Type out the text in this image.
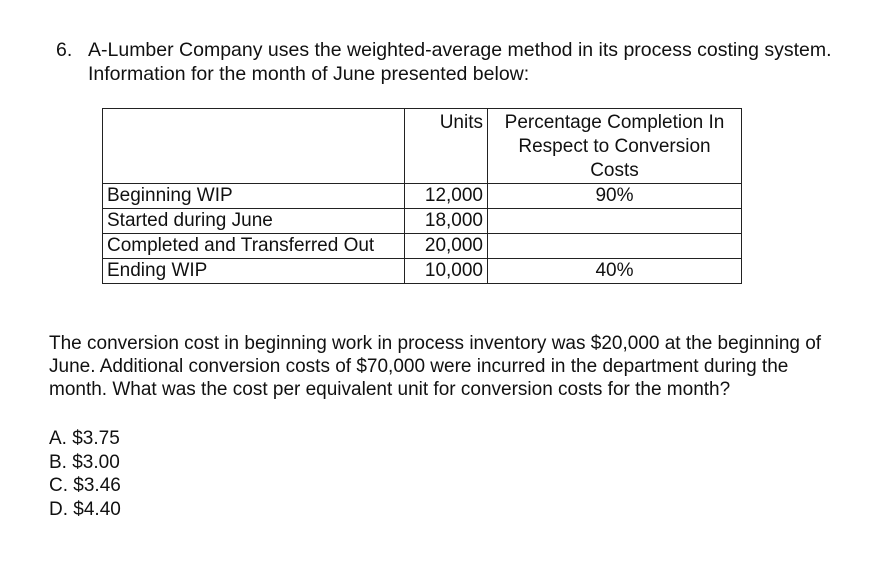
6. A-Lumber Company uses the weighted-average method in its process costing system. Information for the month of June presented below:
	Units	Percentage Completion In Respect to Conversion Costs
Beginning WIP	12,000	90%
Started during June	18,000	
Completed and Transferred Out	20,000	
Ending WIP	10,000	40%
The conversion cost in beginning work in process inventory was $20,000 at the beginning of June. Additional conversion costs of $70,000 were incurred in the department during the month. What was the cost per equivalent unit for conversion costs for the month?
A. $3.75
B. $3.00
C. $3.46
D. $4.40
